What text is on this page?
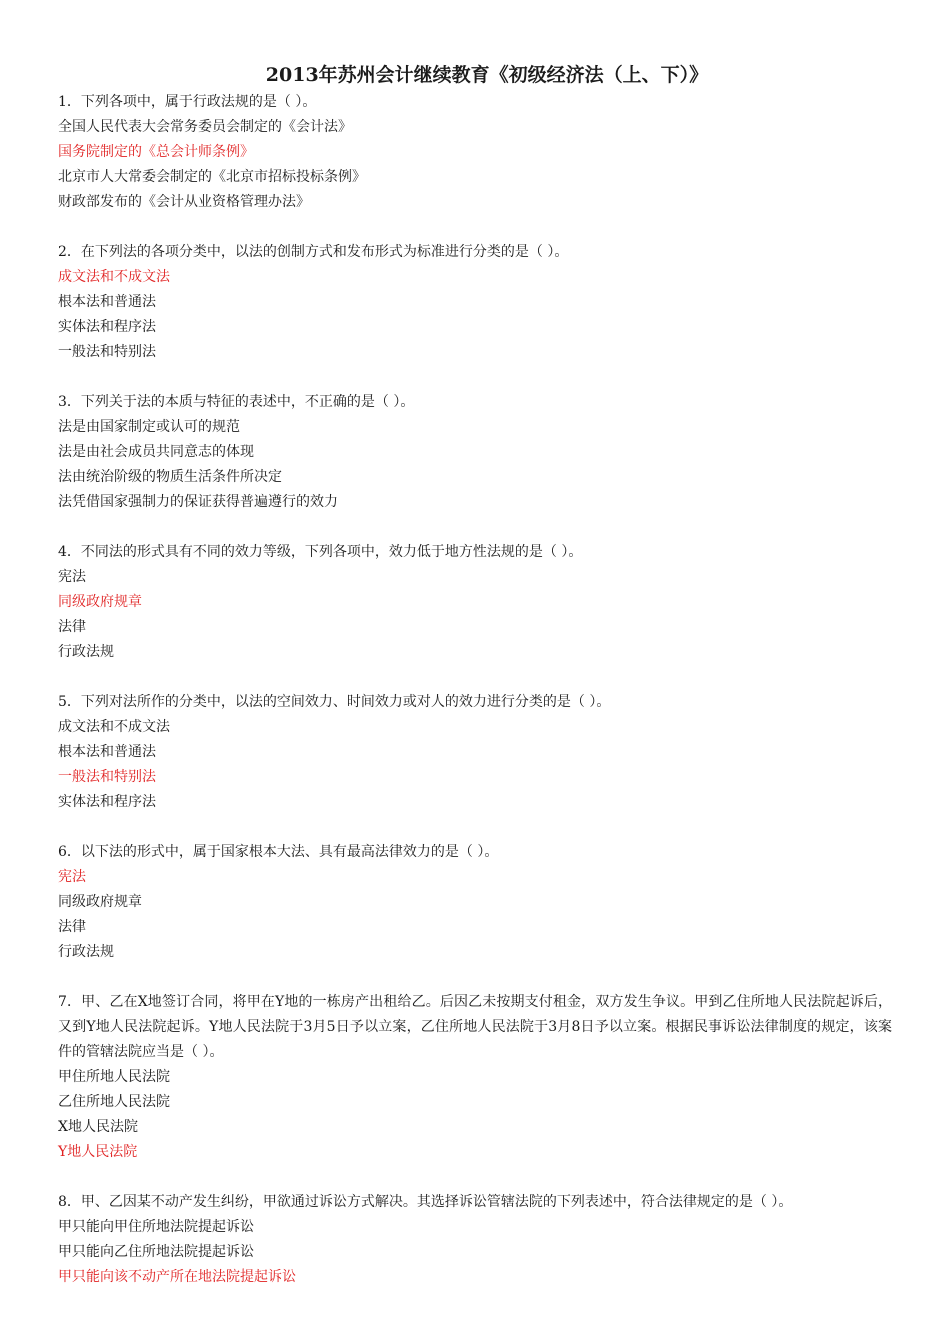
2013年苏州会计继续教育《初级经济法（上、下）》

1．下列各项中，属于行政法规的是（ ）。

全国人民代表大会常务委员会制定的《会计法》

国务院制定的《总会计师条例》

北京市人大常委会制定的《北京市招标投标条例》

财政部发布的《会计从业资格管理办法》

2．在下列法的各项分类中，以法的创制方式和发布形式为标准进行分类的是（ ）。

成文法和不成文法

根本法和普通法

实体法和程序法

一般法和特别法

3．下列关于法的本质与特征的表述中，不正确的是（ ）。

法是由国家制定或认可的规范

法是由社会成员共同意志的体现

法由统治阶级的物质生活条件所决定

法凭借国家强制力的保证获得普遍遵行的效力

4．不同法的形式具有不同的效力等级，下列各项中，效力低于地方性法规的是（ ）。

宪法

同级政府规章

法律

行政法规

5．下列对法所作的分类中，以法的空间效力、时间效力或对人的效力进行分类的是（ ）。

成文法和不成文法

根本法和普通法

一般法和特别法

实体法和程序法

6．以下法的形式中，属于国家根本大法、具有最高法律效力的是（ ）。

宪法

同级政府规章

法律

行政法规

7．甲、乙在X地签订合同，将甲在Y地的一栋房产出租给乙。后因乙未按期支付租金，双方发生争议。甲到乙住所地人民法院起诉后，又到Y地人民法院起诉。Y地人民法院于3月5日予以立案，乙住所地人民法院于3月8日予以立案。根据民事诉讼法律制度的规定，该案件的管辖法院应当是（ ）。

甲住所地人民法院

乙住所地人民法院

X地人民法院

Y地人民法院

8．甲、乙因某不动产发生纠纷，甲欲通过诉讼方式解决。其选择诉讼管辖法院的下列表述中，符合法律规定的是（ ）。

甲只能向甲住所地法院提起诉讼

甲只能向乙住所地法院提起诉讼

甲只能向该不动产所在地法院提起诉讼
